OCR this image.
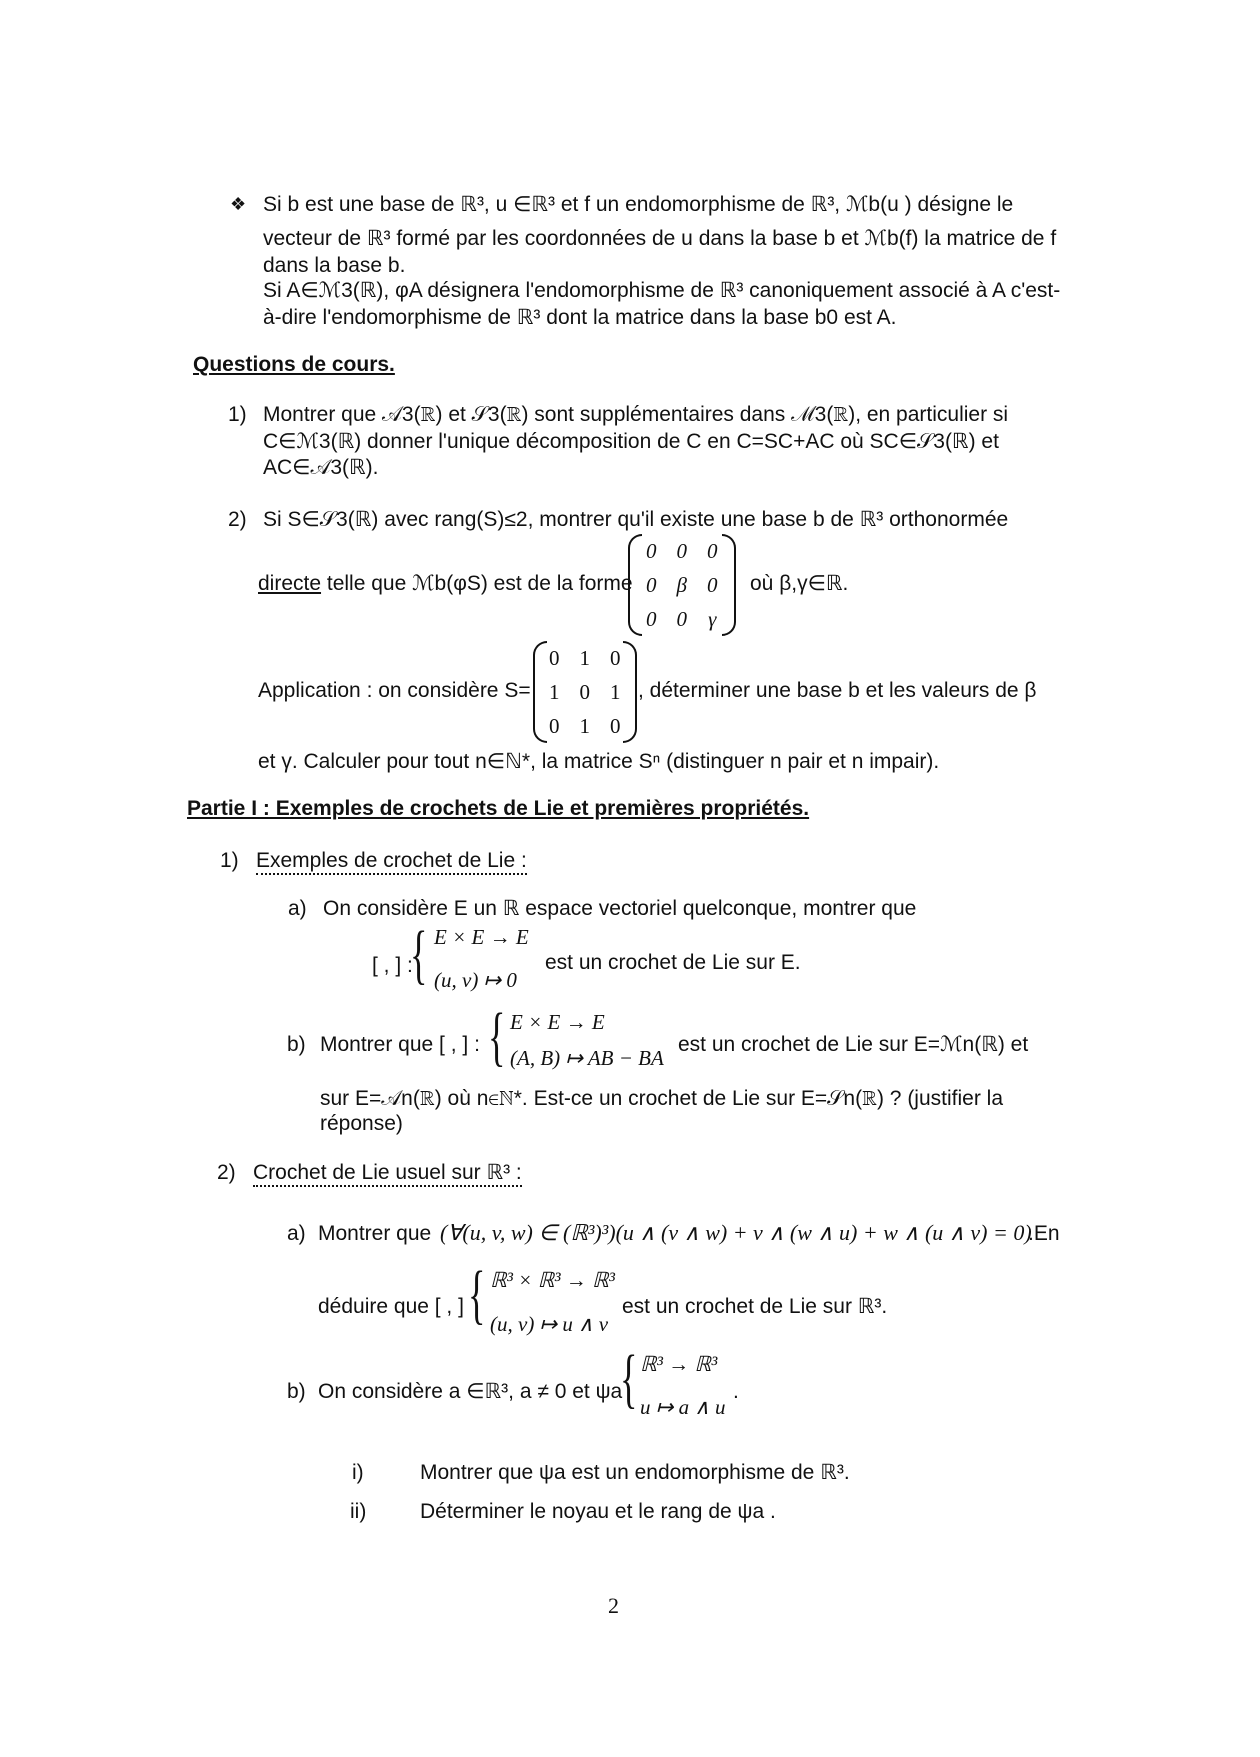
❖ Si b est une base de ℝ³, u ∈ℝ³ et f un endomorphisme de ℝ³, ℳb(u ) désigne le
vecteur de ℝ³ formé par les coordonnées de u dans la base b et ℳb(f) la matrice de f
dans la base b.
Si A∈ℳ3(ℝ), φA désignera l'endomorphisme de ℝ³ canoniquement associé à A c'est-
à-dire l'endomorphisme de ℝ³ dont la matrice dans la base b0 est A.
Questions de cours.
1) Montrer que 𝒜3(ℝ) et 𝒮3(ℝ) sont supplémentaires dans ℳ3(ℝ), en particulier si
C∈ℳ3(ℝ) donner l'unique décomposition de C en C=SC+AC où SC∈𝒮3(ℝ) et
AC∈𝒜3(ℝ).
2) Si S∈𝒮3(ℝ) avec rang(S)≤2, montrer qu'il existe une base b de ℝ³ orthonormée
directe telle que ℳb(φS) est de la forme
0	0	0
0	β	0
0	0	γ
où β,γ∈ℝ.
Application : on considère S=
0	1	0
1	0	1
0	1	0
, déterminer une base b et les valeurs de β
et γ. Calculer pour tout n∈ℕ*, la matrice Sⁿ (distinguer n pair et n impair).
Partie I : Exemples de crochets de Lie et premières propriétés.
1) Exemples de crochet de Lie :
a) On considère E un ℝ espace vectoriel quelconque, montrer que
[ , ] :
{ E × E → E
(u, v) ↦ 0
est un crochet de Lie sur E.
b) Montrer que [ , ] : { E × E → E
(A, B) ↦ AB − BA
est un crochet de Lie sur E=ℳn(ℝ) et
sur E=𝒜n(ℝ) où n∈ℕ*. Est-ce un crochet de Lie sur E=𝒮n(ℝ) ? (justifier la
réponse)
2) Crochet de Lie usuel sur ℝ³ :
a) Montrer que (∀(u, v, w) ∈ (ℝ³)³)(u ∧ (v ∧ w) + v ∧ (w ∧ u) + w ∧ (u ∧ v) = 0)
.En
déduire que [ , ] { ℝ³ × ℝ³ → ℝ³
(u, v) ↦ u ∧ v
est un crochet de Lie sur ℝ³.
b) On considère a ∈ℝ³, a ≠ 0 et ψa
{ ℝ³ → ℝ³
u ↦ a ∧ u
.
i)	Montrer que ψa est un endomorphisme de ℝ³.
ii)	Déterminer le noyau et le rang de ψa .
2
